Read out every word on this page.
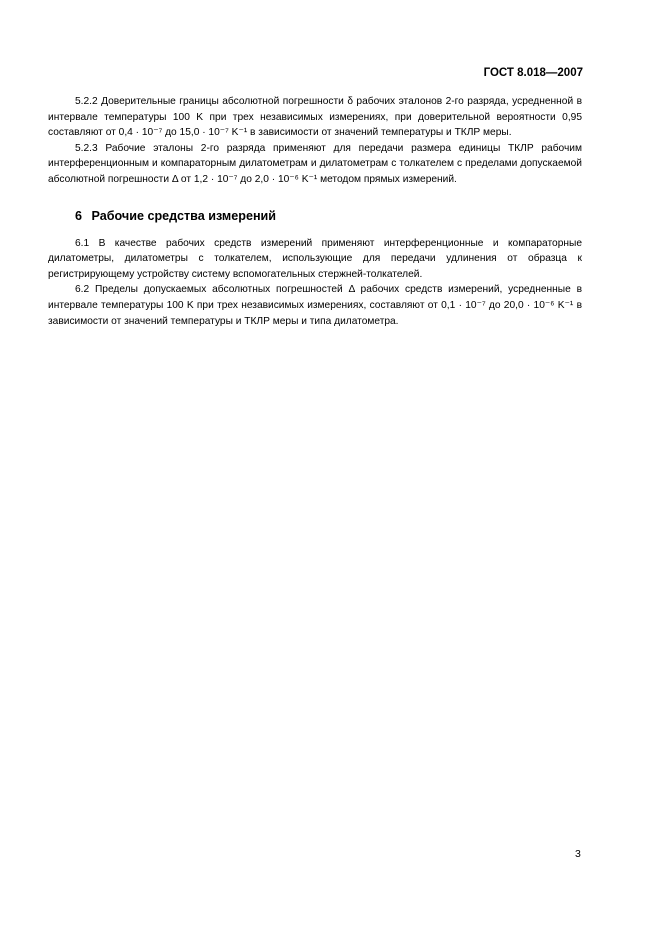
ГОСТ 8.018—2007

5.2.2 Доверительные границы абсолютной погрешности δ рабочих эталонов 2-го разряда, усредненной в интервале температуры 100 K при трех независимых измерениях, при доверительной вероятности 0,95 составляют от 0,4 · 10⁻⁷ до 15,0 · 10⁻⁷ K⁻¹ в зависимости от значений температуры и ТКЛР меры.

5.2.3 Рабочие эталоны 2-го разряда применяют для передачи размера единицы ТКЛР рабочим интерференционным и компараторным дилатометрам и дилатометрам с толкателем с пределами допускаемой абсолютной погрешности Δ от 1,2 · 10⁻⁷ до 2,0 · 10⁻⁶ K⁻¹ методом прямых измерений.

6 Рабочие средства измерений

6.1 В качестве рабочих средств измерений применяют интерференционные и компараторные дилатометры, дилатометры с толкателем, использующие для передачи удлинения от образца к регистрирующему устройству систему вспомогательных стержней-толкателей.

6.2 Пределы допускаемых абсолютных погрешностей Δ рабочих средств измерений, усредненные в интервале температуры 100 K при трех независимых измерениях, составляют от 0,1 · 10⁻⁷ до 20,0 · 10⁻⁶ K⁻¹ в зависимости от значений температуры и ТКЛР меры и типа дилатометра.

3
